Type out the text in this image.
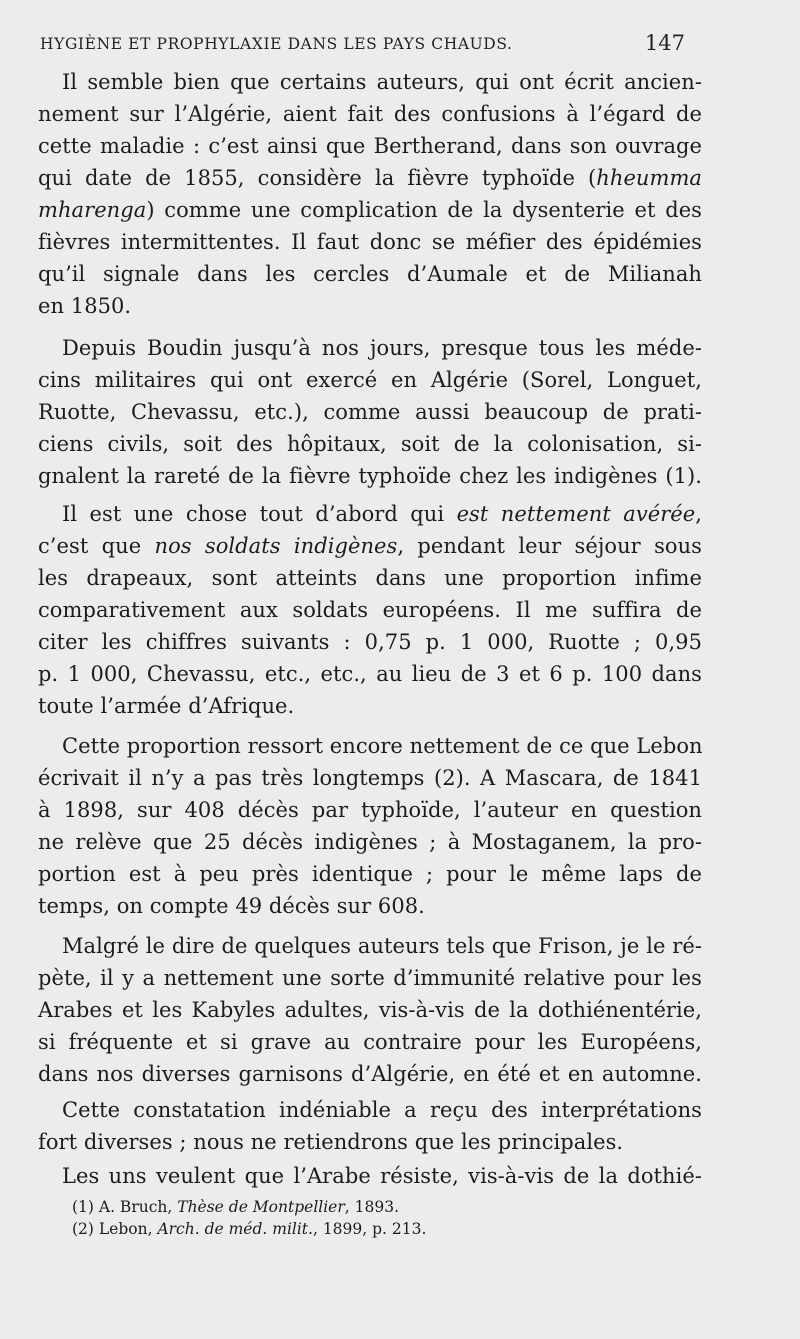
HYGIÈNE ET PROPHYLAXIE DANS LES PAYS CHAUDS.	147
Il semble bien que certains auteurs, qui ont écrit ancien-
nement sur l’Algérie, aient fait des confusions à l’égard de
cette maladie : c’est ainsi que Bertherand, dans son ouvrage
qui date de 1855, considère la fièvre typhoïde (hheumma
mharenga) comme une complication de la dysenterie et des
fièvres intermittentes. Il faut donc se méfier des épidémies
qu’il signale dans les cercles d’Aumale et de Milianah
en 1850.
Depuis Boudin jusqu’à nos jours, presque tous les méde-
cins militaires qui ont exercé en Algérie (Sorel, Longuet,
Ruotte, Chevassu, etc.), comme aussi beaucoup de prati-
ciens civils, soit des hôpitaux, soit de la colonisation, si-
gnalent la rareté de la fièvre typhoïde chez les indigènes (1).
Il est une chose tout d’abord qui est nettement avérée,
c’est que nos soldats indigènes, pendant leur séjour sous
les drapeaux, sont atteints dans une proportion infime
comparativement aux soldats européens. Il me suffira de
citer les chiffres suivants : 0,75 p. 1 000, Ruotte ; 0,95
p. 1 000, Chevassu, etc., etc., au lieu de 3 et 6 p. 100 dans
toute l’armée d’Afrique.
Cette proportion ressort encore nettement de ce que Lebon
écrivait il n’y a pas très longtemps (2). A Mascara, de 1841
à 1898, sur 408 décès par typhoïde, l’auteur en question
ne relève que 25 décès indigènes ; à Mostaganem, la pro-
portion est à peu près identique ; pour le même laps de
temps, on compte 49 décès sur 608.
Malgré le dire de quelques auteurs tels que Frison, je le ré-
pète, il y a nettement une sorte d’immunité relative pour les
Arabes et les Kabyles adultes, vis-à-vis de la dothiénentérie,
si fréquente et si grave au contraire pour les Européens,
dans nos diverses garnisons d’Algérie, en été et en automne.
Cette constatation indéniable a reçu des interprétations
fort diverses ; nous ne retiendrons que les principales.
Les uns veulent que l’Arabe résiste, vis-à-vis de la dothié-
(1) A. Bruch, Thèse de Montpellier, 1893.
(2) Lebon, Arch. de méd. milit., 1899, p. 213.
